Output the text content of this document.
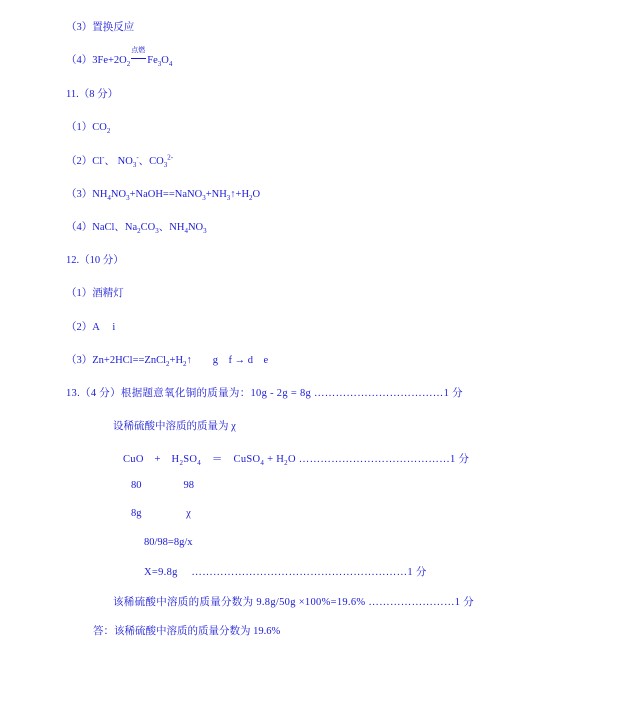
（3）置换反应
$(4)3Fe+2O_2$
点燃
$Fe_3O_4$
11.（8 分）
$(1)CO_2$
（2）Cl-、 $NO_3^-$、$CO_3^{2-}$
$(3)NH_4NO_3+NaOH==NaNO_3+NH_3↑+H_2O$
（4）NaCl、$Na_2CO_3$、$NH_4NO_3$
12.（10 分）
（1）酒精灯
（2）A　 i
$(3)Zn+2HCl==ZnCl_2+H_2↑$　　g　f → d　e
13.（4 分）根据题意氧化铜的质量为：10g - 2g = 8g ………………………………1 分
设稀硫酸中溶质的质量为 χ
CuO　+　$H_2SO_4$　＝　CuSO$_4$ + $H_2O$ ……………………………………1 分
80　　　　98
8g　　　　 χ
80/98=8g/x
X=9.8g　 ……………………………………………………1 分
该稀硫酸中溶质的质量分数为 9.8g/50g ×100%=19.6% ……………………1 分
答：该稀硫酸中溶质的质量分数为 19.6%
